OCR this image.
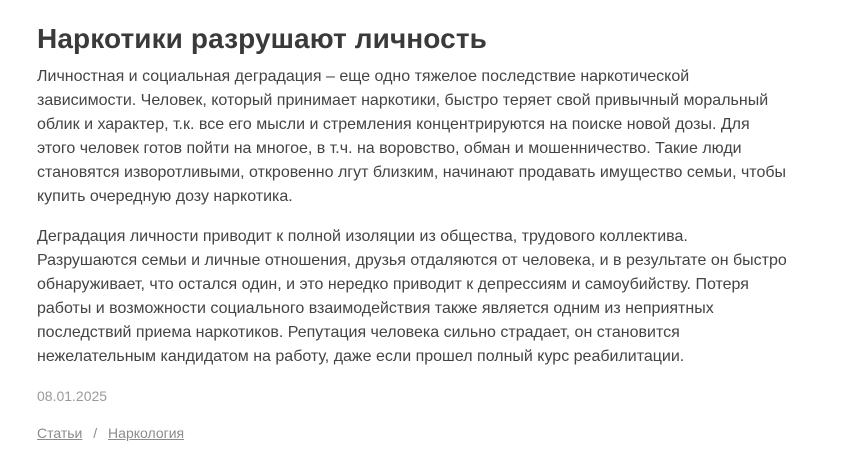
Наркотики разрушают личность

Личностная и социальная деградация – еще одно тяжелое последствие наркотической зависимости. Человек, который принимает наркотики, быстро теряет свой привычный моральный облик и характер, т.к. все его мысли и стремления концентрируются на поиске новой дозы. Для этого человек готов пойти на многое, в т.ч. на воровство, обман и мошенничество. Такие люди становятся изворотливыми, откровенно лгут близким, начинают продавать имущество семьи, чтобы купить очередную дозу наркотика.

Деградация личности приводит к полной изоляции из общества, трудового коллектива. Разрушаются семьи и личные отношения, друзья отдаляются от человека, и в результате он быстро обнаруживает, что остался один, и это нередко приводит к депрессиям и самоубийству. Потеря работы и возможности социального взаимодействия также является одним из неприятных последствий приема наркотиков. Репутация человека сильно страдает, он становится нежелательным кандидатом на работу, даже если прошел полный курс реабилитации.

08.01.2025
Статьи / Наркология
